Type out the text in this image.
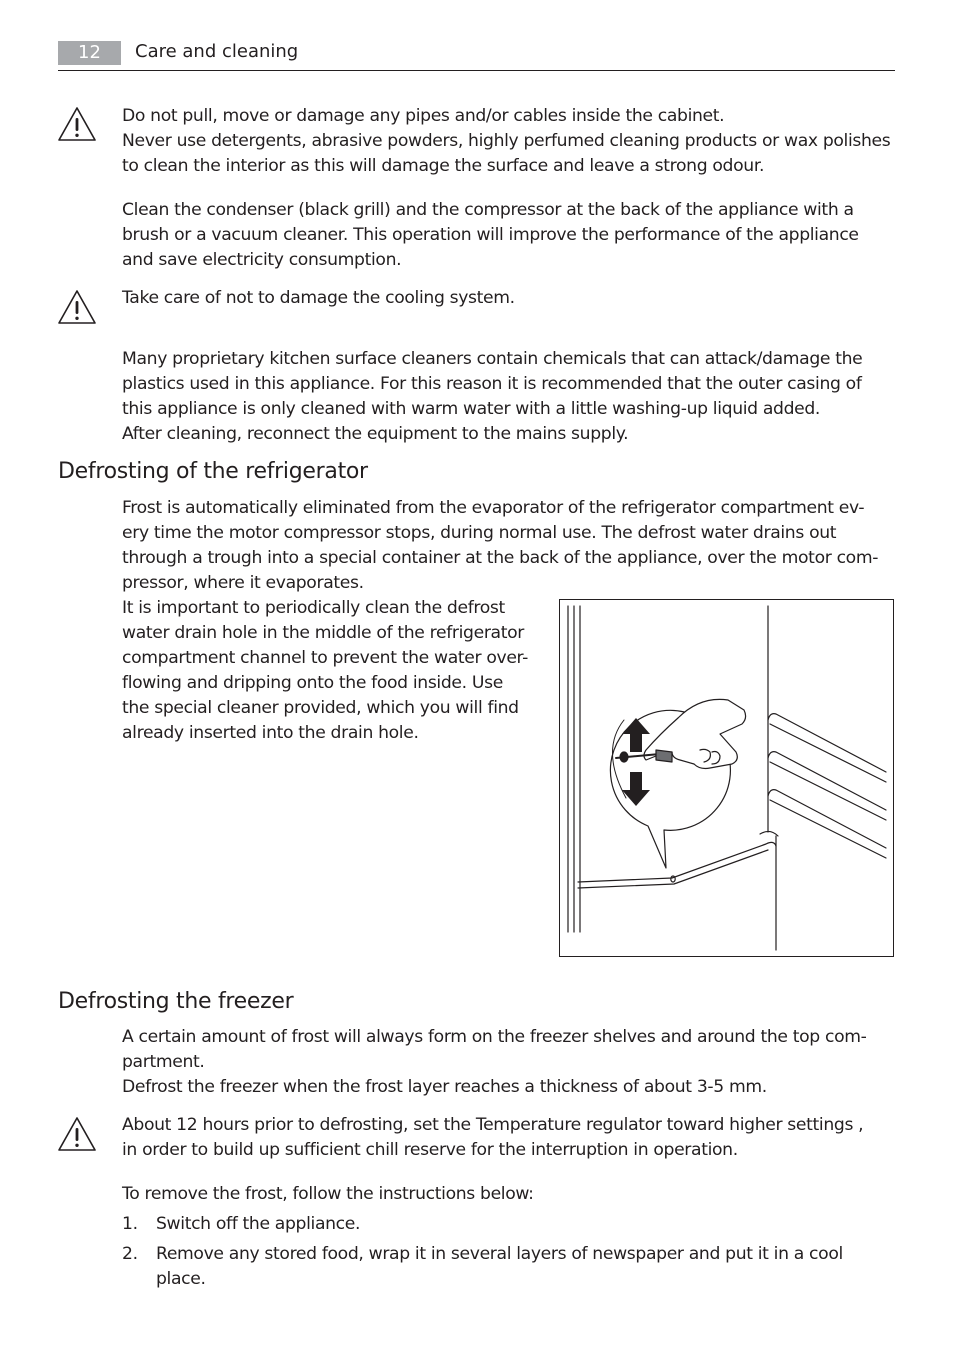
12	Care and cleaning

Do not pull, move or damage any pipes and/or cables inside the cabinet.

Never use detergents, abrasive powders, highly perfumed cleaning products or wax polishes

to clean the interior as this will damage the surface and leave a strong odour.

Clean the condenser (black grill) and the compressor at the back of the appliance with a

brush or a vacuum cleaner. This operation will improve the performance of the appliance

and save electricity consumption.

Take care of not to damage the cooling system.

Many proprietary kitchen surface cleaners contain chemicals that can attack/damage the

plastics used in this appliance. For this reason it is recommended that the outer casing of

this appliance is only cleaned with warm water with a little washing-up liquid added.

After cleaning, reconnect the equipment to the mains supply.

Defrosting of the refrigerator

Frost is automatically eliminated from the evaporator of the refrigerator compartment ev-

ery time the motor compressor stops, during normal use. The defrost water drains out

through a trough into a special container at the back of the appliance, over the motor com-

pressor, where it evaporates.

It is important to periodically clean the defrost

water drain hole in the middle of the refrigerator

compartment channel to prevent the water over-

flowing and dripping onto the food inside. Use

the special cleaner provided, which you will find

already inserted into the drain hole.

Defrosting the freezer

A certain amount of frost will always form on the freezer shelves and around the top com-

partment.

Defrost the freezer when the frost layer reaches a thickness of about 3-5 mm.

About 12 hours prior to defrosting, set the Temperature regulator toward higher settings ,

in order to build up sufficient chill reserve for the interruption in operation.

To remove the frost, follow the instructions below:
1. Switch off the appliance.

2. Remove any stored food, wrap it in several layers of newspaper and put it in a cool

place.
